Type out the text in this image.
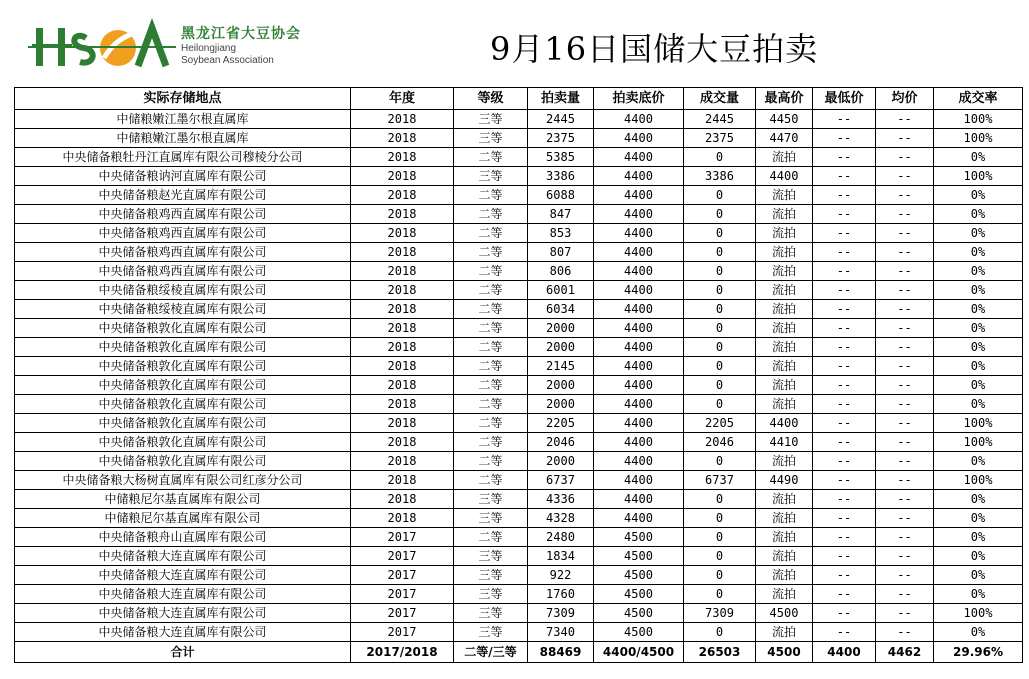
黑龙江省大豆协会
Heilongjiang
Soybean Association	9月16日国储大豆拍卖
实际存储地点	年度	等级	拍卖量	拍卖底价	成交量	最高价	最低价	均价	成交率
中储粮嫩江墨尔根直属库	2018	三等	2445	4400	2445	4450	--	--	100%
中储粮嫩江墨尔根直属库	2018	三等	2375	4400	2375	4470	--	--	100%
中央储备粮牡丹江直属库有限公司穆棱分公司	2018	二等	5385	4400	0	流拍	--	--	0%
中央储备粮讷河直属库有限公司	2018	三等	3386	4400	3386	4400	--	--	100%
中央储备粮赵光直属库有限公司	2018	二等	6088	4400	0	流拍	--	--	0%
中央储备粮鸡西直属库有限公司	2018	二等	847	4400	0	流拍	--	--	0%
中央储备粮鸡西直属库有限公司	2018	二等	853	4400	0	流拍	--	--	0%
中央储备粮鸡西直属库有限公司	2018	二等	807	4400	0	流拍	--	--	0%
中央储备粮鸡西直属库有限公司	2018	二等	806	4400	0	流拍	--	--	0%
中央储备粮绥棱直属库有限公司	2018	二等	6001	4400	0	流拍	--	--	0%
中央储备粮绥棱直属库有限公司	2018	二等	6034	4400	0	流拍	--	--	0%
中央储备粮敦化直属库有限公司	2018	二等	2000	4400	0	流拍	--	--	0%
中央储备粮敦化直属库有限公司	2018	二等	2000	4400	0	流拍	--	--	0%
中央储备粮敦化直属库有限公司	2018	二等	2145	4400	0	流拍	--	--	0%
中央储备粮敦化直属库有限公司	2018	二等	2000	4400	0	流拍	--	--	0%
中央储备粮敦化直属库有限公司	2018	二等	2000	4400	0	流拍	--	--	0%
中央储备粮敦化直属库有限公司	2018	二等	2205	4400	2205	4400	--	--	100%
中央储备粮敦化直属库有限公司	2018	二等	2046	4400	2046	4410	--	--	100%
中央储备粮敦化直属库有限公司	2018	二等	2000	4400	0	流拍	--	--	0%
中央储备粮大杨树直属库有限公司红彦分公司	2018	二等	6737	4400	6737	4490	--	--	100%
中储粮尼尔基直属库有限公司	2018	三等	4336	4400	0	流拍	--	--	0%
中储粮尼尔基直属库有限公司	2018	三等	4328	4400	0	流拍	--	--	0%
中央储备粮舟山直属库有限公司	2017	二等	2480	4500	0	流拍	--	--	0%
中央储备粮大连直属库有限公司	2017	三等	1834	4500	0	流拍	--	--	0%
中央储备粮大连直属库有限公司	2017	三等	922	4500	0	流拍	--	--	0%
中央储备粮大连直属库有限公司	2017	三等	1760	4500	0	流拍	--	--	0%
中央储备粮大连直属库有限公司	2017	三等	7309	4500	7309	4500	--	--	100%
中央储备粮大连直属库有限公司	2017	三等	7340	4500	0	流拍	--	--	0%
合计	2017/2018	二等/三等	88469	4400/4500	26503	4500	4400	4462	29.96%
